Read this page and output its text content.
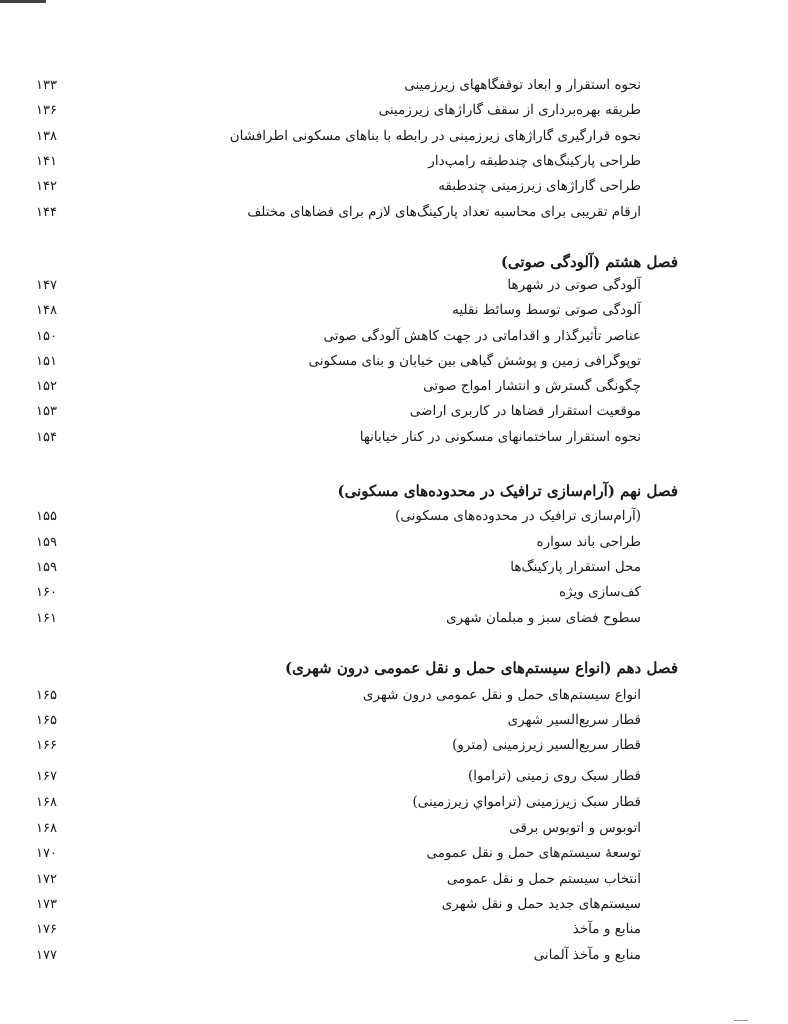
نحوه استقرار و ابعاد توقفگاههای زیرزمینی
۱۳۳
طریقه بهره‌برداری از سقف گاراژهای زیرزمینی
۱۳۶
نحوه قرارگیری گاراژهای زیرزمینی در رابطه با بناهای مسکونی اطرافشان
۱۳۸
طراحی پارکینگ‌های چندطبقه رامپ‌دار
۱۴۱
طراحی گاراژهای زیرزمینی چندطبقه
۱۴۲
ارقام تقریبی برای محاسبه تعداد پارکینگ‌های لازم برای فضاهای مختلف
۱۴۴
فصل هشتم (آلودگی صوتی)
آلودگی صوتی در شهرها
۱۴۷
آلودگی صوتی توسط وسائط نقلیه
۱۴۸
عناصر تأثیرگذار و اقداماتی در جهت کاهش آلودگی صوتی
۱۵۰
توپوگرافی زمین و پوشش گیاهی بین خیابان و بنای مسکونی
۱۵۱
چگونگی گسترش و انتشار امواج صوتی
۱۵۲
موقعیت استقرار فضاها در کاربری اراضی
۱۵۳
نحوه استقرار ساختمانهای مسکونی در کنار خیابانها
۱۵۴
فصل نهم (آرام‌سازی ترافیک در محدوده‌های مسکونی)
(آرام‌سازی ترافیک در محدوده‌های مسکونی)
۱۵۵
طراحی باند سواره
۱۵۹
محل استقرار پارکینگ‌ها
۱۵۹
کف‌سازی ویژه
۱۶۰
سطوح فضای سبز و مبلمان شهری
۱۶۱
فصل دهم (انواع سیستم‌های حمل و نقل عمومی درون شهری)
انواع سیستم‌های حمل و نقل عمومی درون شهری
۱۶۵
قطار سریع‌السیر شهری
۱۶۵
قطار سریع‌السیر زیرزمینی (مترو)
۱۶۶
قطار سبک روی زمینی (تراموا)
۱۶۷
قطار سبک زیرزمینی (ترامواي زیرزمینی)
۱۶۸
اتوبوس و اتوبوس برقی
۱۶۸
توسعهٔ سیستم‌های حمل و نقل عمومی
۱۷۰
انتخاب سیستم حمل و نقل عمومی
۱۷۲
سیستم‌های جدید حمل و نقل شهری
۱۷۳
منابع و مآخذ
۱۷۶
منابع و مآخذ آلمانی
۱۷۷
